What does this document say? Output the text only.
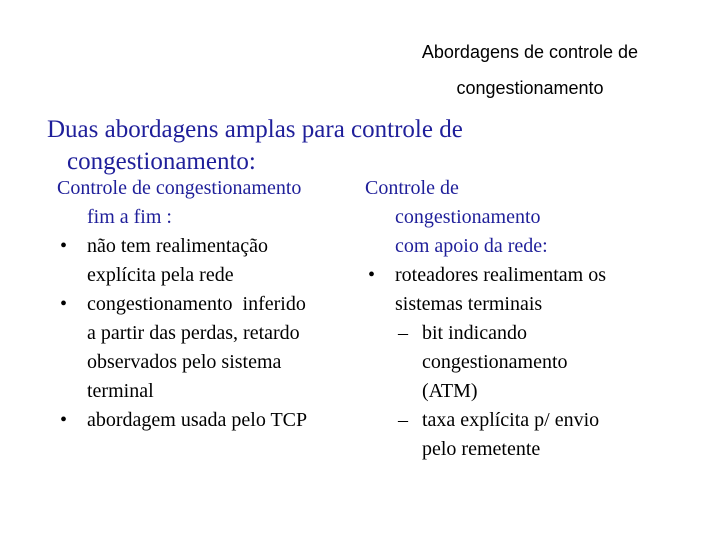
Abordagens de controle de
congestionamento
Duas abordagens amplas para controle de
congestionamento:
Controle de congestionamento
fim a fim :
• não tem realimentação
explícita pela rede
• congestionamento  inferido
a partir das perdas, retardo
observados pelo sistema
terminal
• abordagem usada pelo TCP
Controle de
congestionamento
com apoio da rede:
• roteadores realimentam os
sistemas terminais
– bit indicando
congestionamento
(ATM)
– taxa explícita p/ envio
pelo remetente
